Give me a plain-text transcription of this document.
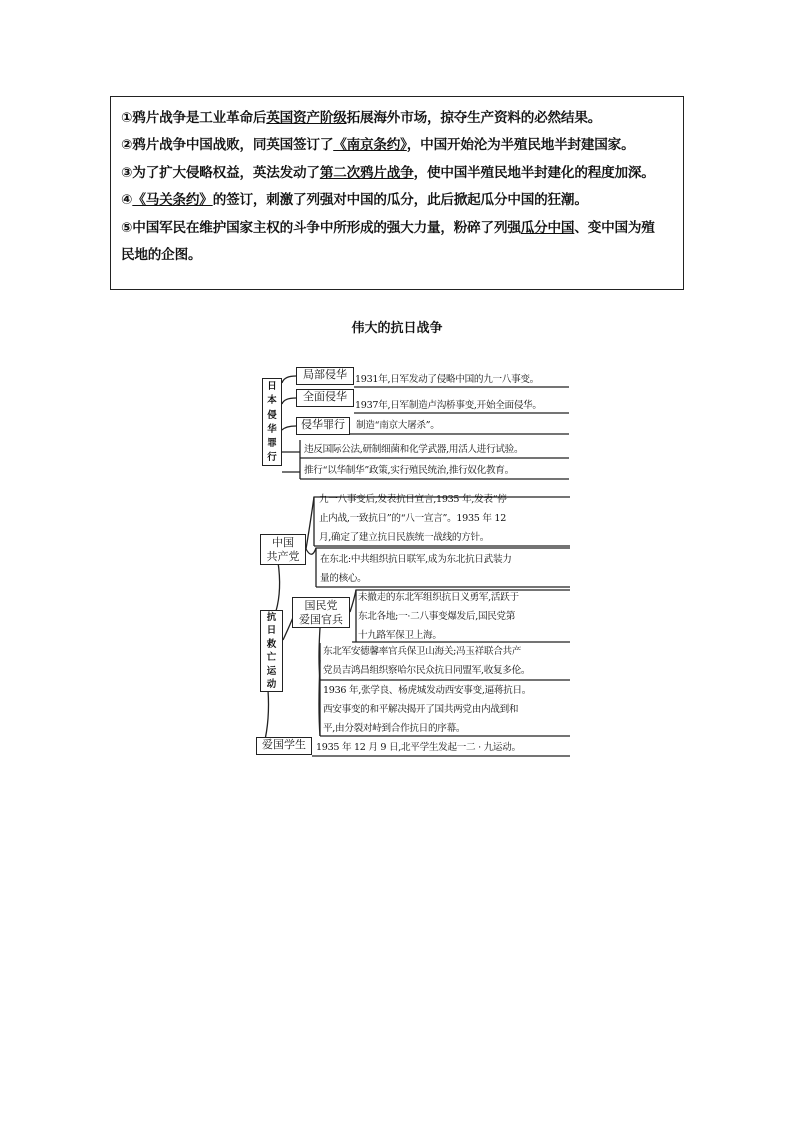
①鸦片战争是工业革命后英国资产阶级拓展海外市场，掠夺生产资料的必然结果。

②鸦片战争中国战败，同英国签订了《南京条约》，中国开始沦为半殖民地半封建国家。

③为了扩大侵略权益，英法发动了第二次鸦片战争，使中国半殖民地半封建化的程度加深。

④《马关条约》的签订，刺激了列强对中国的瓜分，此后掀起瓜分中国的狂潮。

⑤中国军民在维护国家主权的斗争中所形成的强大力量，粉碎了列强瓜分中国、变中国为殖

民地的企图。

伟大的抗日战争
日
本
侵
华
罪
行
局部侵华
全面侵华
侵华罪行
1931年,日军发动了侵略中国的九一八事变。
1937年,日军制造卢沟桥事变,开始全面侵华。
制造“南京大屠杀”。
违反国际公法,研制细菌和化学武器,用活人进行试验。
推行“以华制华”政策,实行殖民统治,推行奴化教育。
抗
日
救
亡
运
动
中国
共产党
国民党
爱国官兵
爱国学生
九一八事变后,发表抗日宣言,1935 年,发表“停
止内战,一致抗日”的“八一宣言”。1935 年 12
月,确定了建立抗日民族统一战线的方针。
在东北:中共组织抗日联军,成为东北抗日武装力
量的核心。
未撤走的东北军组织抗日义勇军,活跃于
东北各地;一·二八事变爆发后,国民党第
十九路军保卫上海。
东北军安德馨率官兵保卫山海关;冯玉祥联合共产
党员吉鸿昌组织察哈尔民众抗日同盟军,收复多伦。
1936 年,张学良、杨虎城发动西安事变,逼蒋抗日。
西安事变的和平解决揭开了国共两党由内战到和
平,由分裂对峙到合作抗日的序幕。
1935 年 12 月 9 日,北平学生发起一二 · 九运动。
